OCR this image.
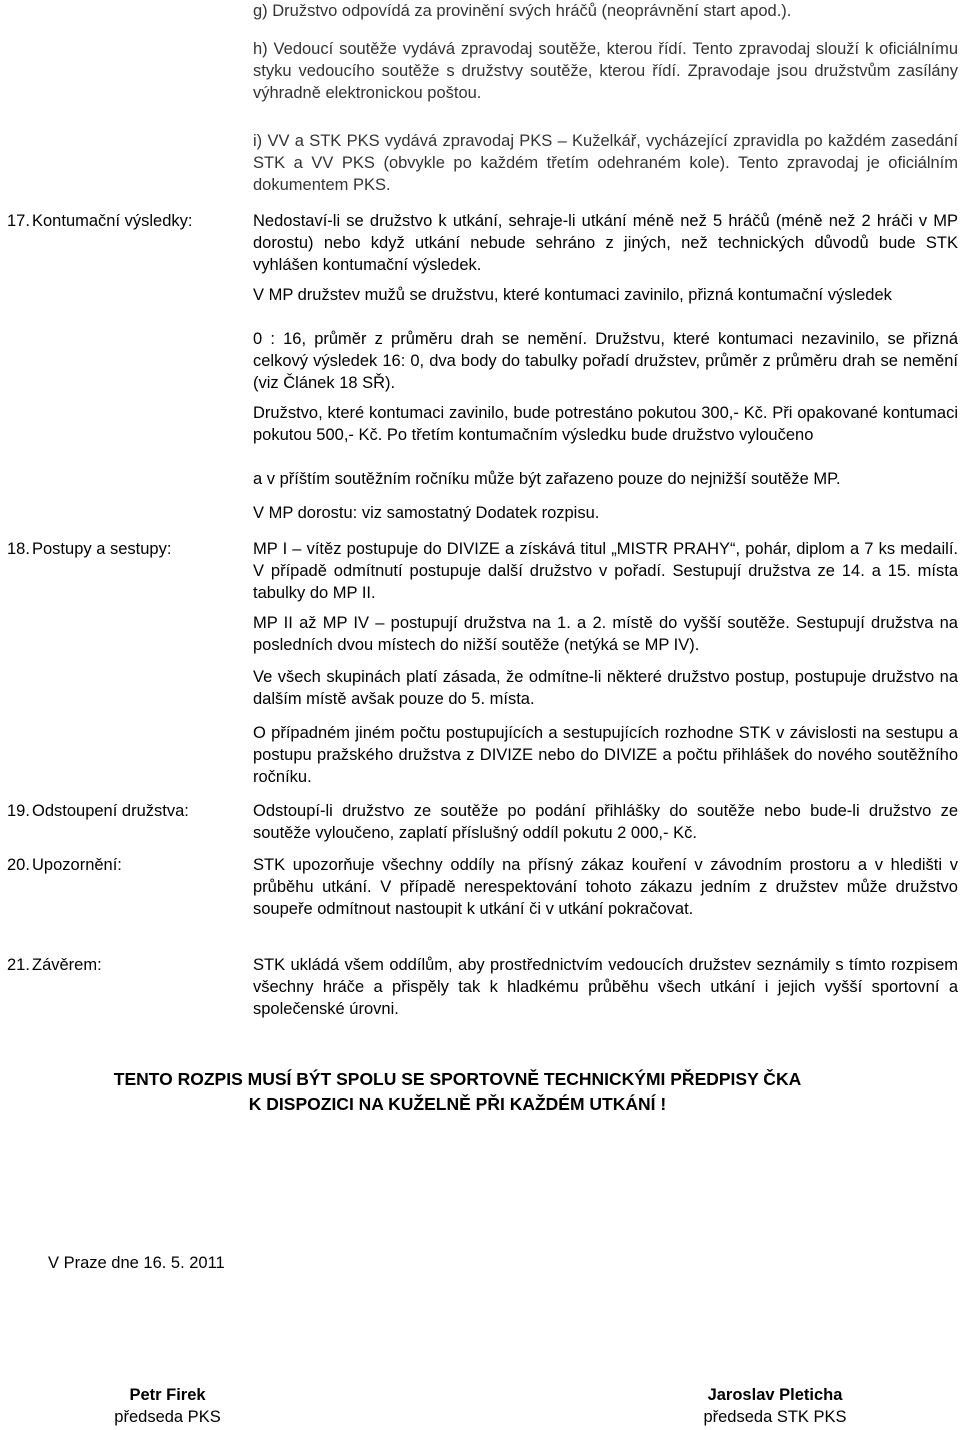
g) Družstvo odpovídá za provinění svých hráčů (neoprávnění start apod.).
h) Vedoucí soutěže vydává zpravodaj soutěže, kterou řídí. Tento zpravodaj slouží k oficiálnímu styku vedoucího soutěže s družstvy soutěže, kterou řídí. Zpravodaje jsou družstvům zasílány výhradně elektronickou poštou.
i) VV a STK PKS vydává zpravodaj PKS – Kuželkář, vycházející zpravidla po každém zasedání STK a VV PKS (obvykle po každém třetím odehraném kole). Tento zpravodaj je oficiálním dokumentem PKS.
17. Kontumační výsledky:	Nedostaví-li se družstvo k utkání, sehraje-li utkání méně než 5 hráčů (méně než 2 hráči v MP dorostu) nebo když utkání nebude sehráno z jiných, než technických důvodů bude STK vyhlášen kontumační výsledek.
V MP družstev mužů se družstvu, které kontumaci zavinilo, přizná kontumační výsledek
0 : 16, průměr z průměru drah se nemění. Družstvu, které kontumaci nezavinilo, se přizná celkový výsledek 16: 0, dva body do tabulky pořadí družstev, průměr z průměru drah se nemění (viz Článek 18 SŘ).
Družstvo, které kontumaci zavinilo, bude potrestáno pokutou 300,- Kč. Při opakované kontumaci pokutou 500,- Kč. Po třetím kontumačním výsledku bude družstvo vyloučeno
a v příštím soutěžním ročníku může být zařazeno pouze do nejnižší soutěže MP.
V MP dorostu: viz samostatný Dodatek rozpisu.
18. Postupy a sestupy:	MP I – vítěz postupuje do DIVIZE a získává titul „MISTR PRAHY“, pohár, diplom a 7 ks medailí. V případě odmítnutí postupuje další družstvo v pořadí. Sestupují družstva ze 14. a 15. místa tabulky do MP II.
MP II až MP IV – postupují družstva na 1. a 2. místě do vyšší soutěže. Sestupují družstva na posledních dvou místech do nižší soutěže (netýká se MP IV).
Ve všech skupinách platí zásada, že odmítne-li některé družstvo postup, postupuje družstvo na dalším místě avšak pouze do 5. místa.
O případném jiném počtu postupujících a sestupujících rozhodne STK v závislosti na sestupu a postupu pražského družstva z DIVIZE nebo do DIVIZE a počtu přihlášek do nového soutěžního ročníku.
19. Odstoupení družstva:	Odstoupí-li družstvo ze soutěže po podání přihlášky do soutěže nebo bude-li družstvo ze soutěže vyloučeno, zaplatí příslušný oddíl pokutu 2 000,- Kč.
20. Upozornění:	STK upozorňuje všechny oddíly na přísný zákaz kouření v závodním prostoru a v hledišti v průběhu utkání. V případě nerespektování tohoto zákazu jedním z družstev může družstvo soupeře odmítnout nastoupit k utkání či v utkání pokračovat.
21. Závěrem:	STK ukládá všem oddílům, aby prostřednictvím vedoucích družstev seznámily s tímto rozpisem všechny hráče a přispěly tak k hladkému průběhu všech utkání i jejich vyšší sportovní a společenské úrovni.
TENTO ROZPIS MUSÍ BÝT SPOLU SE SPORTOVNĚ TECHNICKÝMI PŘEDPISY ČKA
K DISPOZICI NA KUŽELNĚ PŘI KAŽDÉM UTKÁNÍ !
V Praze dne 16. 5. 2011
Petr Firek
předseda PKS
Jaroslav Pleticha
předseda STK PKS
